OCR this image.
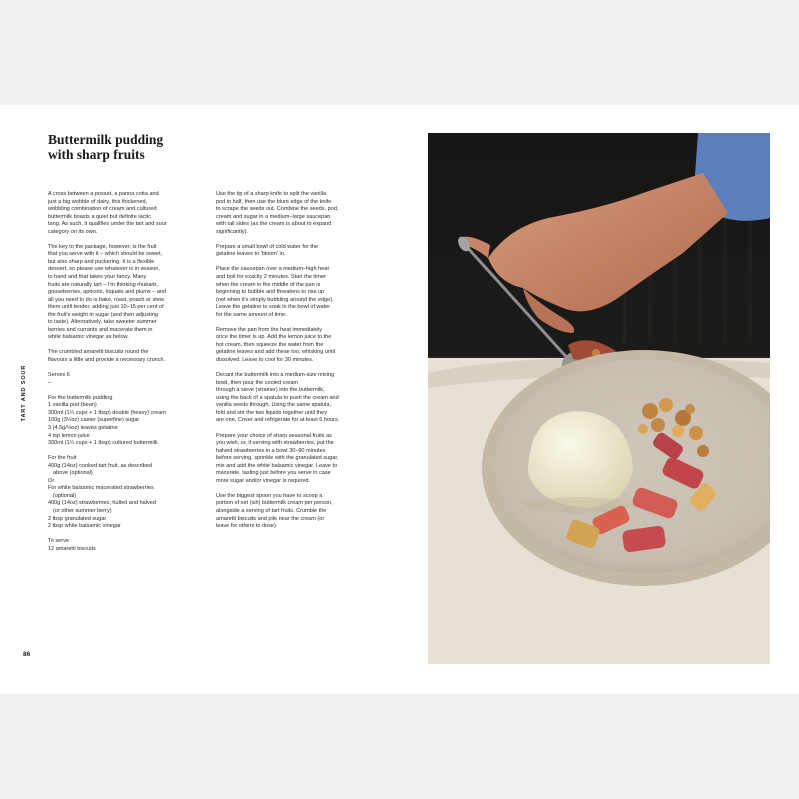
Buttermilk pudding
with sharp fruits

A cross between a posset, a panna cotta and
just a big wobble of dairy, this thickened,
wobbling combination of cream and cultured
buttermilk boasts a quiet but definite lactic
tang. As such, it qualifies under the tart and sour
category on its own.

The key to the package, however, is the fruit
that you serve with it – which should be sweet,
but also sharp and puckering. It is a flexible
dessert, so please use whatever is in season,
to hand and that takes your fancy. Many
fruits are naturally tart – I'm thinking rhubarb,
gooseberries, apricots, loquats and plums – and
all you need to do is bake, roast, poach or stew
them until tender, adding just 10–15 per cent of
the fruit's weight in sugar (and then adjusting
to taste). Alternatively, take sweeter summer
berries and currants and macerate them in
white balsamic vinegar as below.

The crumbled amaretti biscuits round the
flavours a little and provide a necessary crunch.

Serves 6
–

For the buttermilk pudding
1 vanilla pod (bean)
300ml (1¼ cups + 1 tbsp) double (heavy) cream
100g (3½oz) caster (superfine) sugar
3 (4.5g/⅛oz) leaves gelatine
4 tsp lemon juice
300ml (1¼ cups + 1 tbsp) cultured buttermilk

For the fruit
400g (14oz) cooked tart fruit, as described
above (optional)
Or
For white balsamic macerated strawberries
(optional)
400g (14oz) strawberries, hulled and halved
(or other summer berry)
2 tbsp granulated sugar
2 tbsp white balsamic vinegar

To serve
12 amaretti biscuits

Use the tip of a sharp knife to split the vanilla
pod in half, then use the blunt edge of the knife
to scrape the seeds out. Combine the seeds, pod,
cream and sugar in a medium–large saucepan
with tall sides (as the cream is about to expand
significantly).

Prepare a small bowl of cold water for the
gelatine leaves to 'bloom' in.

Place the saucepan over a medium–high heat
and boil for exactly 2 minutes. Start the timer
when the cream in the middle of the pan is
beginning to bubble and threatens to rise up
(not when it's simply bubbling around the edge).
Leave the gelatine to soak in the bowl of water
for the same amount of time.

Remove the pan from the heat immediately
once the timer is up. Add the lemon juice to the
hot cream, then squeeze the water from the
gelatine leaves and add these too, whisking until
dissolved. Leave to cool for 30 minutes.

Decant the buttermilk into a medium-size mixing
bowl, then pour the cooled cream
through a sieve (strainer) into the buttermilk,
using the back of a spatula to push the cream and
vanilla seeds through. Using the same spatula,
fold and stir the two liquids together until they
are one. Cover and refrigerate for at least 6 hours.

Prepare your choice of sharp seasonal fruits as
you wish, or, if serving with strawberries, put the
halved strawberries in a bowl 30–90 minutes
before serving, sprinkle with the granulated sugar,
mix and add the white balsamic vinegar. Leave to
macerate, tasting just before you serve in case
more sugar and/or vinegar is required.

Use the biggest spoon you have to scoop a
portion of set (ish) buttermilk cream per person,
alongside a serving of tart fruits. Crumble the
amaretti biscuits and pile near the cream (or
leave for others to dose).

TART AND SOUR
86
